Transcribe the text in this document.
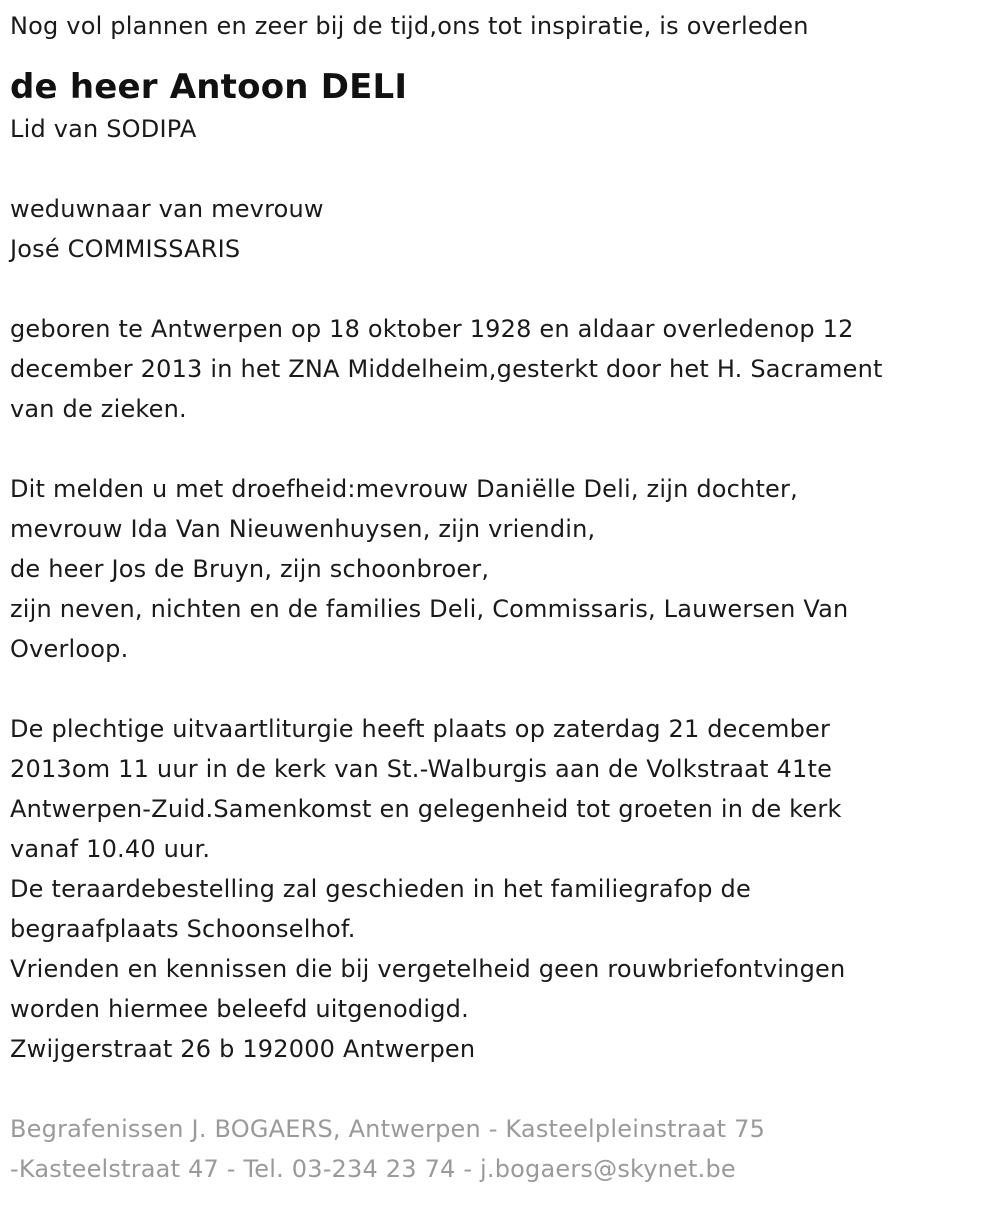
Nog vol plannen en zeer bij de tijd,ons tot inspiratie, is overleden
de heer Antoon DELI
Lid van SODIPA
weduwnaar van mevrouw
José COMMISSARIS
geboren te Antwerpen op 18 oktober 1928 en aldaar overledenop 12
december 2013 in het ZNA Middelheim,gesterkt door het H. Sacrament
van de zieken.
Dit melden u met droefheid:mevrouw Daniëlle Deli, zijn dochter,
mevrouw Ida Van Nieuwenhuysen, zijn vriendin,
de heer Jos de Bruyn, zijn schoonbroer,
zijn neven, nichten en de families Deli, Commissaris, Lauwersen Van
Overloop.
De plechtige uitvaartliturgie heeft plaats op zaterdag 21 december
2013om 11 uur in de kerk van St.-Walburgis aan de Volkstraat 41te
Antwerpen-Zuid.Samenkomst en gelegenheid tot groeten in de kerk
vanaf 10.40 uur.
De teraardebestelling zal geschieden in het familiegrafop de
begraafplaats Schoonselhof.
Vrienden en kennissen die bij vergetelheid geen rouwbriefontvingen
worden hiermee beleefd uitgenodigd.
Zwijgerstraat 26 b 192000 Antwerpen
Begrafenissen J. BOGAERS, Antwerpen - Kasteelpleinstraat 75
-Kasteelstraat 47 - Tel. 03-234 23 74 - j.bogaers@skynet.be
